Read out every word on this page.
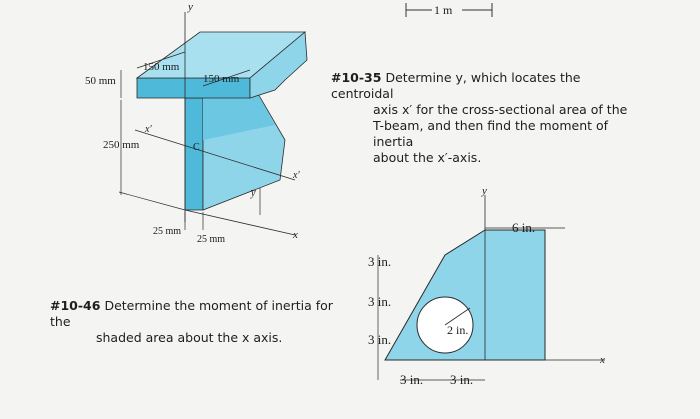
1 m
y
150 mm
150 mm
50 mm
x′
250 mm	C
x′
y̅
25 mm
25 mm	x
#10-35 Determine y, which locates the centroidal
axis x′ for the cross-sectional area of the
T-beam, and then find the moment of inertia
about the x′-axis.
#10-46 Determine the moment of inertia for the
shaded area about the x axis.
y
6 in.
3 in.
3 in.
3 in.
2 in.
3 in. 3 in.
x
